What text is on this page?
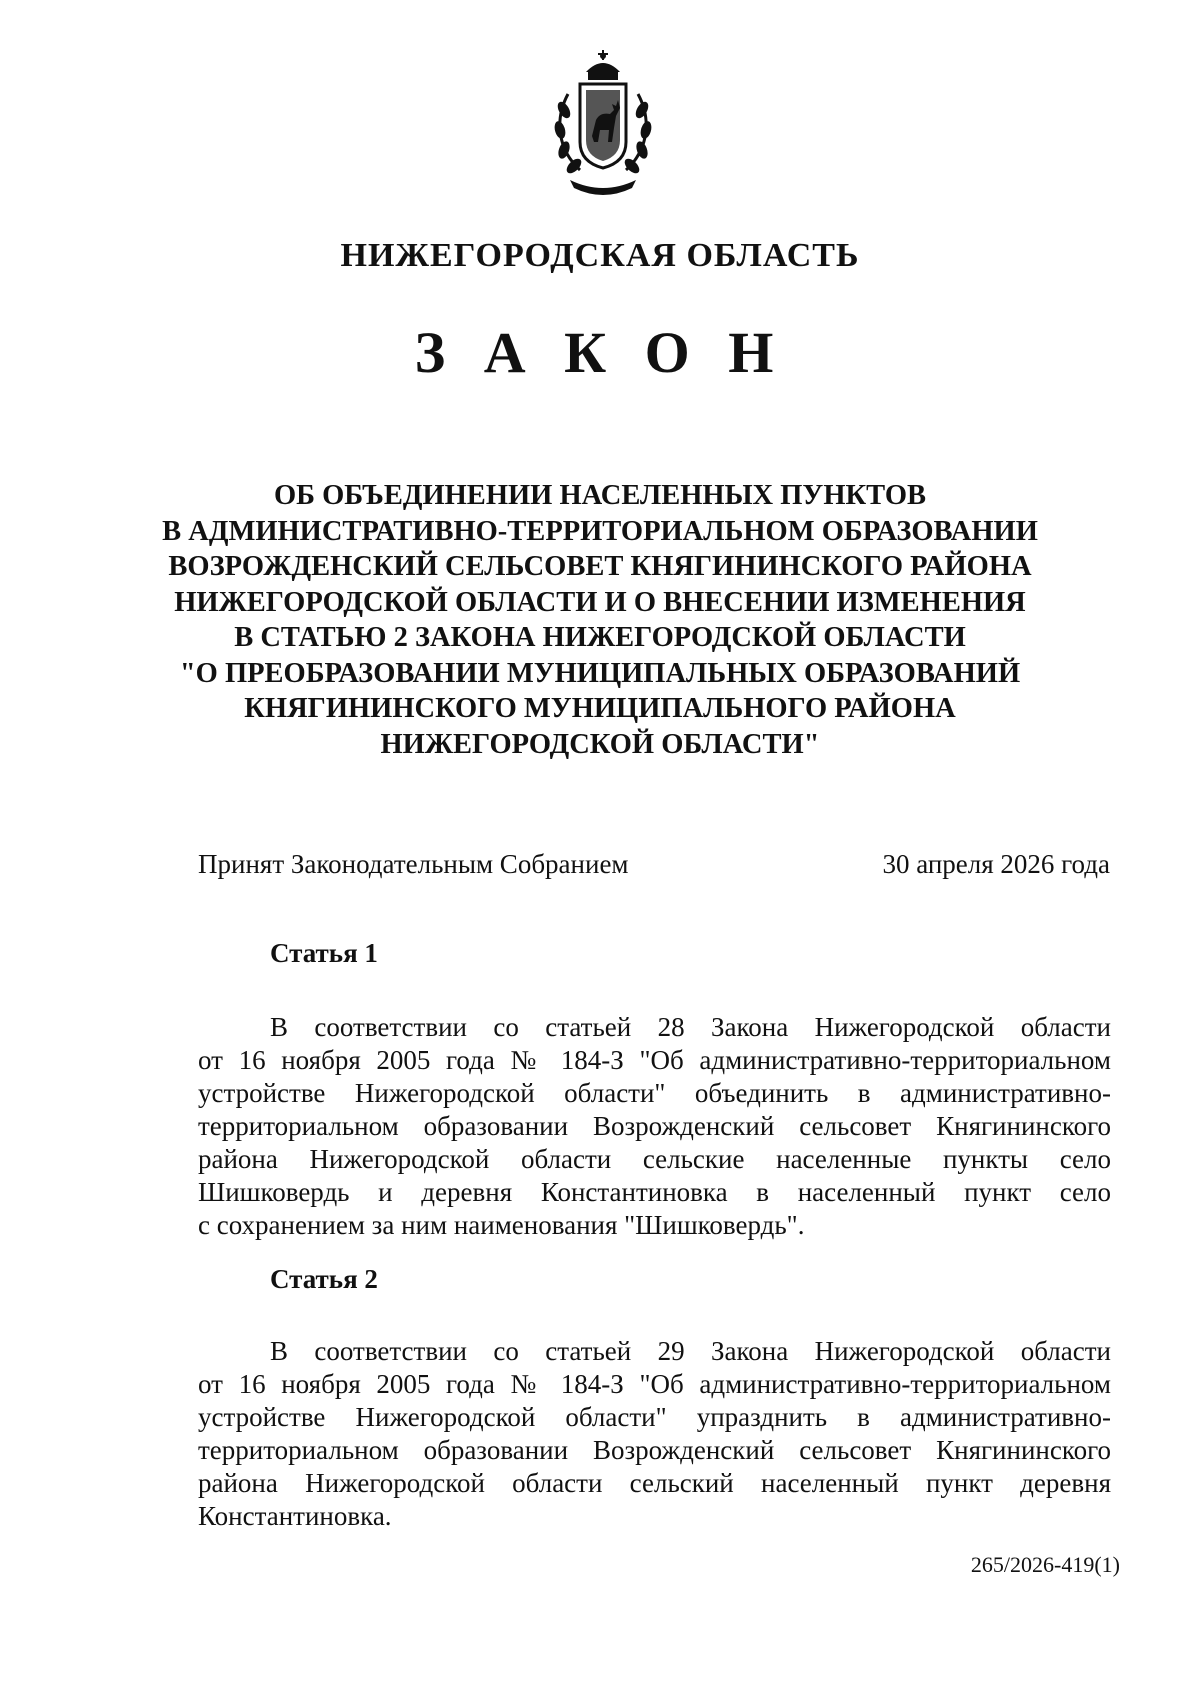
НИЖЕГОРОДСКАЯ ОБЛАСТЬ
З А К О Н
ОБ ОБЪЕДИНЕНИИ НАСЕЛЕННЫХ ПУНКТОВ
В АДМИНИСТРАТИВНО-ТЕРРИТОРИАЛЬНОМ ОБРАЗОВАНИИ
ВОЗРОЖДЕНСКИЙ СЕЛЬСОВЕТ КНЯГИНИНСКОГО РАЙОНА
НИЖЕГОРОДСКОЙ ОБЛАСТИ И О ВНЕСЕНИИ ИЗМЕНЕНИЯ
В СТАТЬЮ 2 ЗАКОНА НИЖЕГОРОДСКОЙ ОБЛАСТИ
"О ПРЕОБРАЗОВАНИИ МУНИЦИПАЛЬНЫХ ОБРАЗОВАНИЙ
КНЯГИНИНСКОГО МУНИЦИПАЛЬНОГО РАЙОНА
НИЖЕГОРОДСКОЙ ОБЛАСТИ"
Принят Законодательным Собранием	30 апреля 2026 года
Статья 1
В соответствии со статьей 28 Закона Нижегородской области
от 16 ноября 2005 года № 184-З "Об административно-территориальном
устройстве Нижегородской области" объединить в административно-
территориальном образовании Возрожденский сельсовет Княгининского
района Нижегородской области сельские населенные пункты село
Шишковердь и деревня Константиновка в населенный пункт село
с сохранением за ним наименования "Шишковердь".
Статья 2
В соответствии со статьей 29 Закона Нижегородской области
от 16 ноября 2005 года № 184-З "Об административно-территориальном
устройстве Нижегородской области" упразднить в административно-
территориальном образовании Возрожденский сельсовет Княгининского
района Нижегородской области сельский населенный пункт деревня
Константиновка.
265/2026-419(1)
